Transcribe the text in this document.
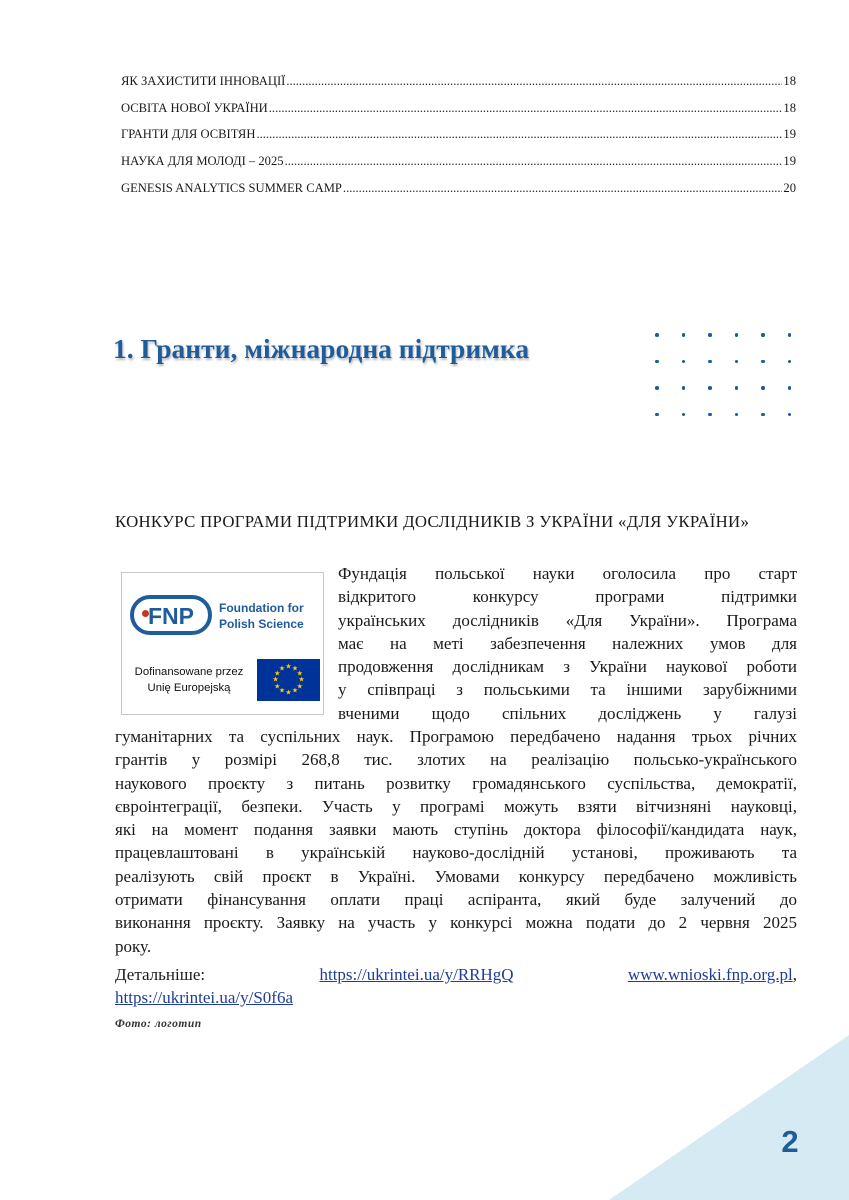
ЯК ЗАХИСТИТИ ІННОВАЦІЇ .....	18
ОСВІТА НОВОЇ УКРАЇНИ .....	18
ГРАНТИ ДЛЯ ОСВІТЯН .....	19
НАУКА ДЛЯ МОЛОДІ – 2025 .....	19
GENESIS ANALYTICS SUMMER CAMP .....	20
1. Гранти, міжнародна підтримка
КОНКУРС ПРОГРАМИ ПІДТРИМКИ ДОСЛІДНИКІВ З УКРАЇНИ «ДЛЯ УКРАЇНИ»
FNP	Foundation for
Polish Science
Dofinansowane przez
Unię Europejską
★ ★
★
★
★
★
★
★
★
★
★
★
Фундація польської науки оголосила про старт
відкритого конкурсу програми підтримки
українських дослідників «Для України». Програма
має на меті забезпечення належних умов для
продовження дослідникам з України наукової роботи
у співпраці з польськими та іншими зарубіжними
вченими щодо спільних досліджень у галузі
гуманітарних та суспільних наук. Програмою передбачено надання трьох річних
грантів у розмірі 268,8 тис. злотих на реалізацію польсько-українського
наукового проєкту з питань розвитку громадянського суспільства, демократії,
євроінтеграції, безпеки. Участь у програмі можуть взяти вітчизняні науковці,
які на момент подання заявки мають ступінь доктора філософії/кандидата наук,
працевлаштовані в українській науково-дослідній установі, проживають та
реалізують свій проєкт в Україні. Умовами конкурсу передбачено можливість
отримати фінансування оплати праці аспіранта, який буде залучений до
виконання проєкту. Заявку на участь у конкурсі можна подати до 2 червня 2025
року.
Детальніше:	https://ukrintei.ua/y/RRHgQ	www.wnioski.fnp.org.pl,
https://ukrintei.ua/y/S0f6a
Фото: логотип
2
